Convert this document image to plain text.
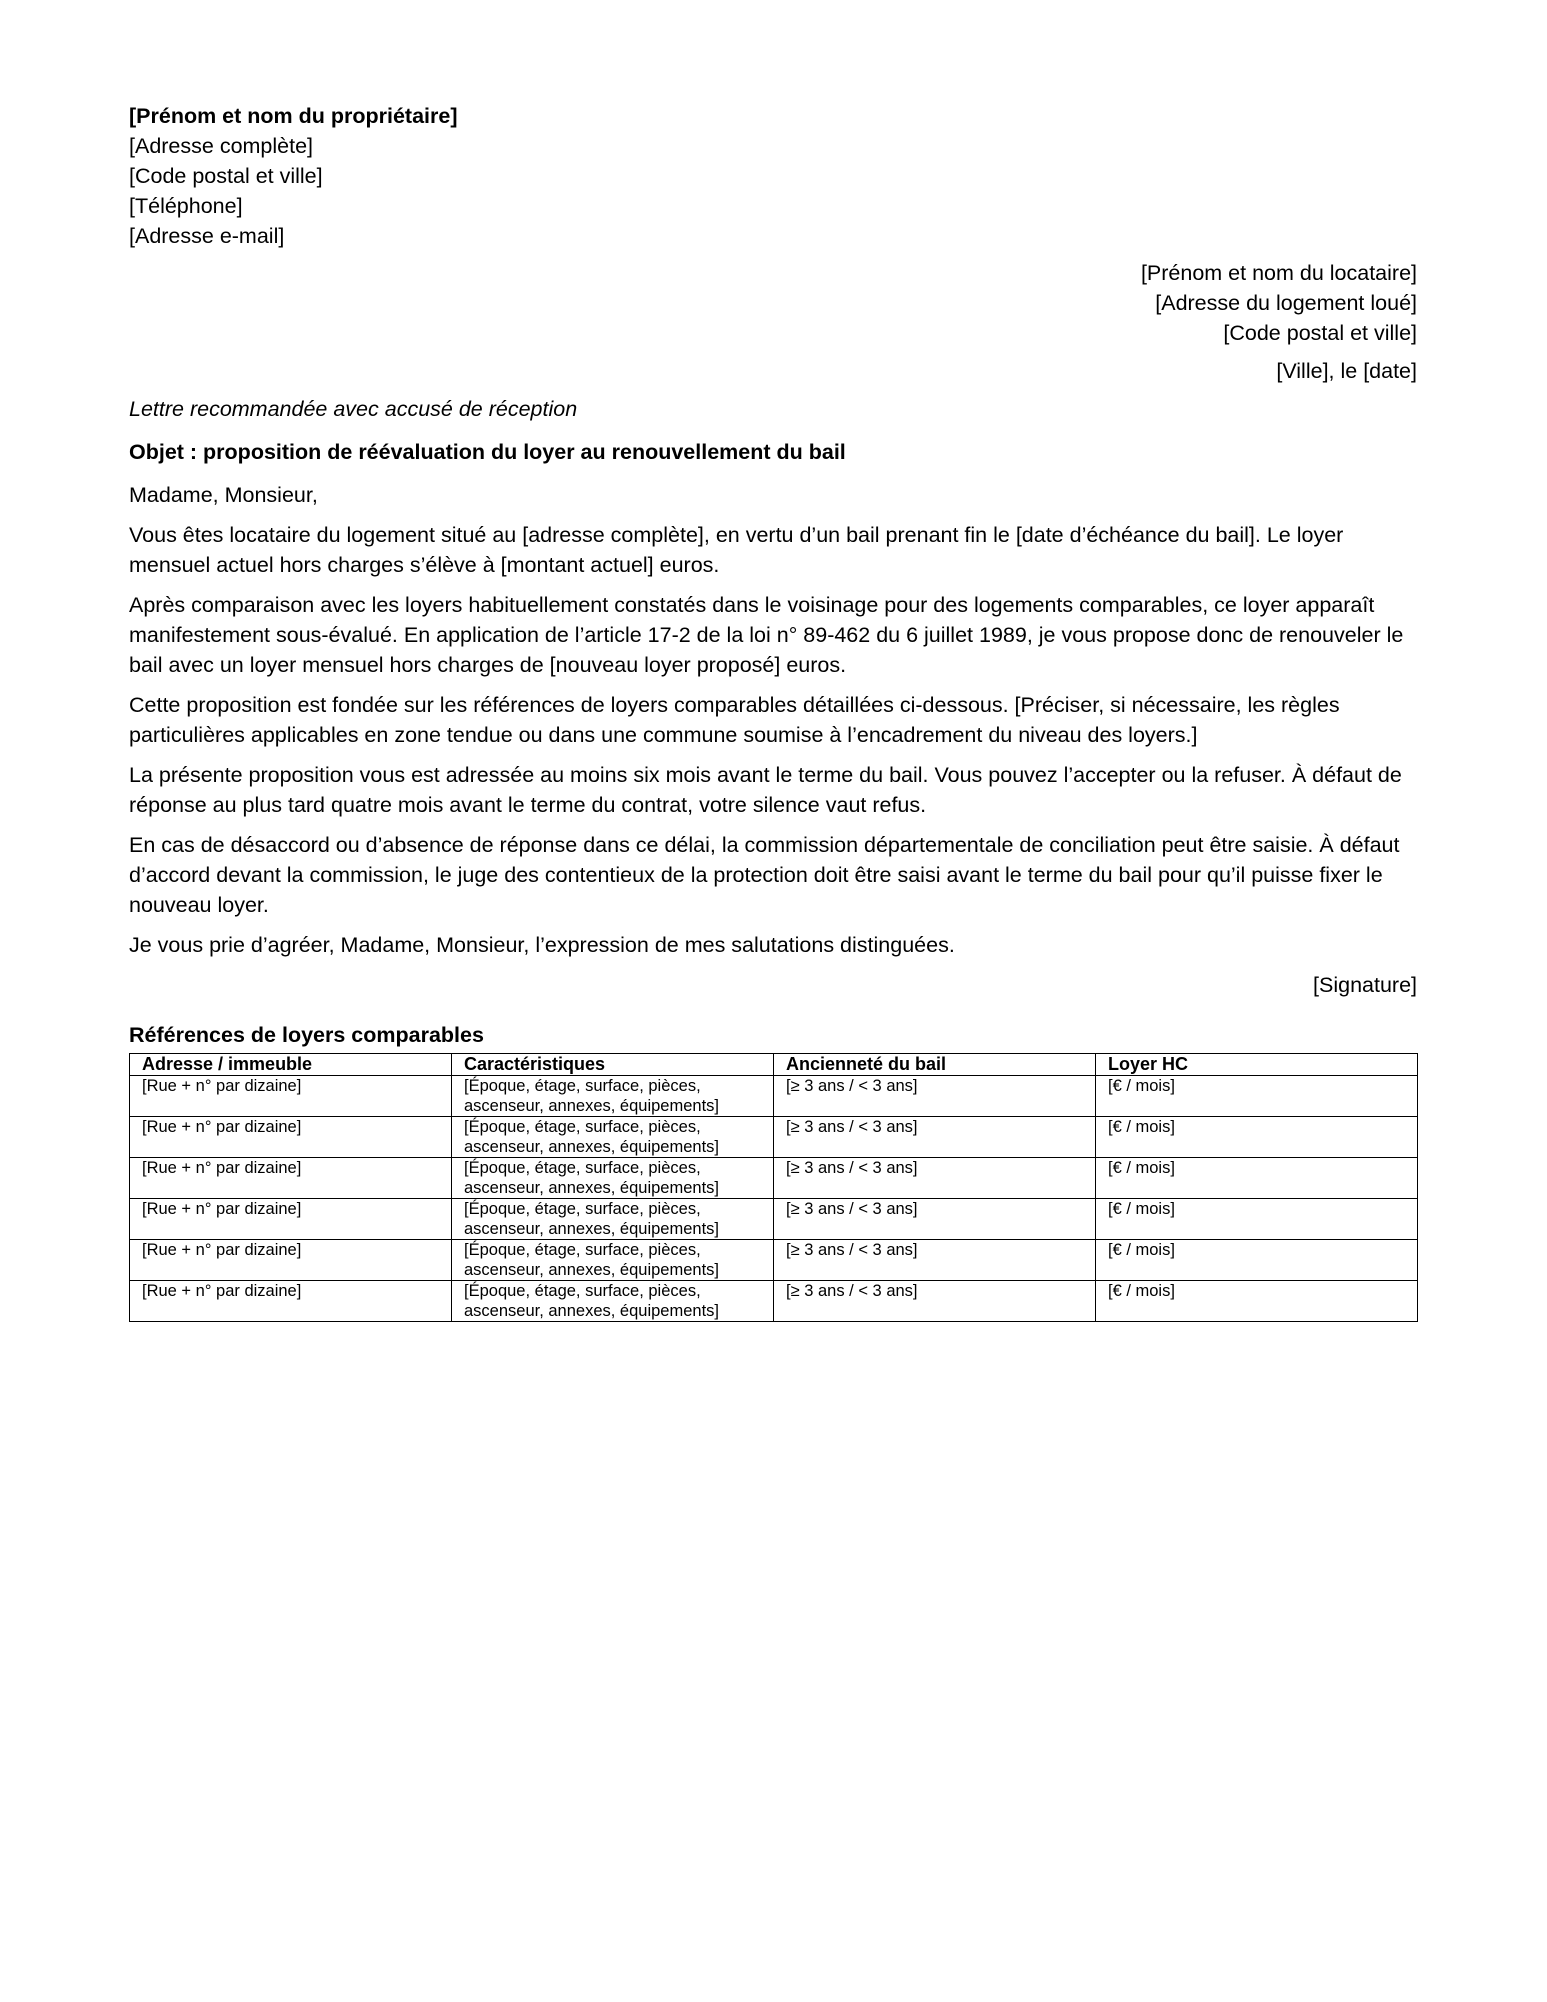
[Prénom et nom du propriétaire]
[Adresse complète]
[Code postal et ville]
[Téléphone]
[Adresse e-mail]
[Prénom et nom du locataire]
[Adresse du logement loué]
[Code postal et ville]
[Ville], le [date]
Lettre recommandée avec accusé de réception
Objet : proposition de réévaluation du loyer au renouvellement du bail

Madame, Monsieur,

Vous êtes locataire du logement situé au [adresse complète], en vertu d’un bail prenant fin le [date d’échéance du bail]. Le loyer mensuel actuel hors charges s’élève à [montant actuel] euros.

Après comparaison avec les loyers habituellement constatés dans le voisinage pour des logements comparables, ce loyer apparaît manifestement sous-évalué. En application de l’article 17-2 de la loi n° 89-462 du 6 juillet 1989, je vous propose donc de renouveler le bail avec un loyer mensuel hors charges de [nouveau loyer proposé] euros.

Cette proposition est fondée sur les références de loyers comparables détaillées ci-dessous. [Préciser, si nécessaire, les règles particulières applicables en zone tendue ou dans une commune soumise à l’encadrement du niveau des loyers.]

La présente proposition vous est adressée au moins six mois avant le terme du bail. Vous pouvez l’accepter ou la refuser. À défaut de réponse au plus tard quatre mois avant le terme du contrat, votre silence vaut refus.

En cas de désaccord ou d’absence de réponse dans ce délai, la commission départementale de conciliation peut être saisie. À défaut d’accord devant la commission, le juge des contentieux de la protection doit être saisi avant le terme du bail pour qu’il puisse fixer le nouveau loyer.

Je vous prie d’agréer, Madame, Monsieur, l’expression de mes salutations distinguées.

[Signature]
Références de loyers comparables
Adresse / immeuble	Caractéristiques	Ancienneté du bail	Loyer HC
[Rue + n° par dizaine]	[Époque, étage, surface, pièces, ascenseur, annexes, équipements]	[≥ 3 ans / < 3 ans]	[€ / mois]
[Rue + n° par dizaine]	[Époque, étage, surface, pièces, ascenseur, annexes, équipements]	[≥ 3 ans / < 3 ans]	[€ / mois]
[Rue + n° par dizaine]	[Époque, étage, surface, pièces, ascenseur, annexes, équipements]	[≥ 3 ans / < 3 ans]	[€ / mois]
[Rue + n° par dizaine]	[Époque, étage, surface, pièces, ascenseur, annexes, équipements]	[≥ 3 ans / < 3 ans]	[€ / mois]
[Rue + n° par dizaine]	[Époque, étage, surface, pièces, ascenseur, annexes, équipements]	[≥ 3 ans / < 3 ans]	[€ / mois]
[Rue + n° par dizaine]	[Époque, étage, surface, pièces, ascenseur, annexes, équipements]	[≥ 3 ans / < 3 ans]	[€ / mois]
